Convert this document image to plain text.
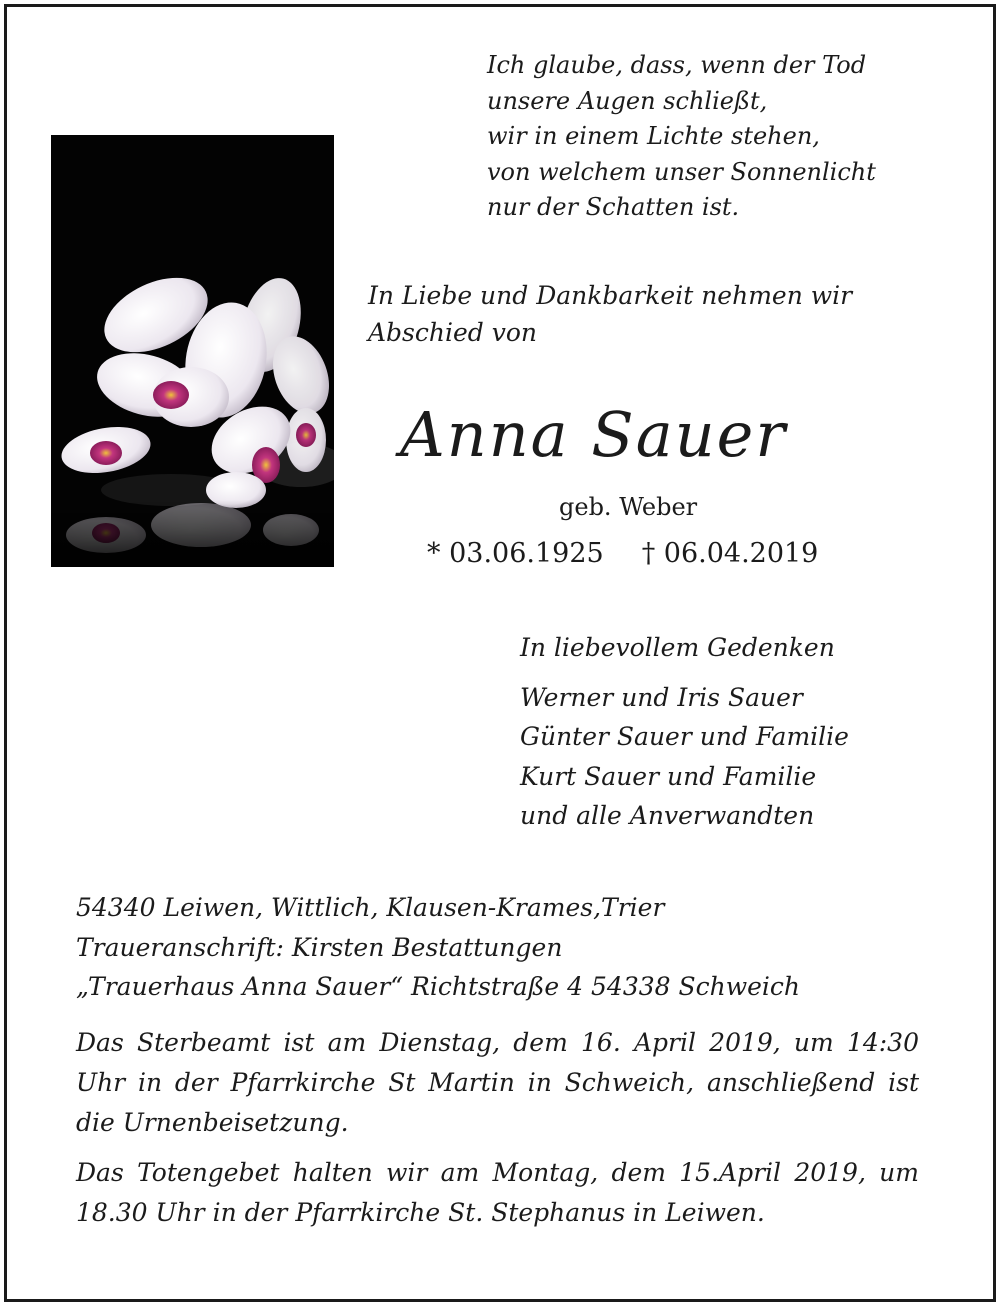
Ich glaube, dass, wenn der Tod
unsere Augen schließt,
wir in einem Lichte stehen,
von welchem unser Sonnenlicht
nur der Schatten ist.
In Liebe und Dankbarkeit nehmen wir
Abschied von
Anna Sauer
geb. Weber
* 03.06.1925 † 06.04.2019
In liebevollem Gedenken
Werner und Iris Sauer
Günter Sauer und Familie
Kurt Sauer und Familie
und alle Anverwandten
54340 Leiwen, Wittlich, Klausen-Krames,Trier
Traueranschrift: Kirsten Bestattungen
„Trauerhaus Anna Sauer“ Richtstraße 4 54338 Schweich
Das Sterbeamt ist am Dienstag, dem 16. April 2019, um 14:30 Uhr in der Pfarrkirche St Martin in Schweich, anschließend ist die Urnenbeisetzung.
Das Totengebet halten wir am Montag, dem 15.April 2019, um 18.30 Uhr in der Pfarrkirche St. Stephanus in Leiwen.
